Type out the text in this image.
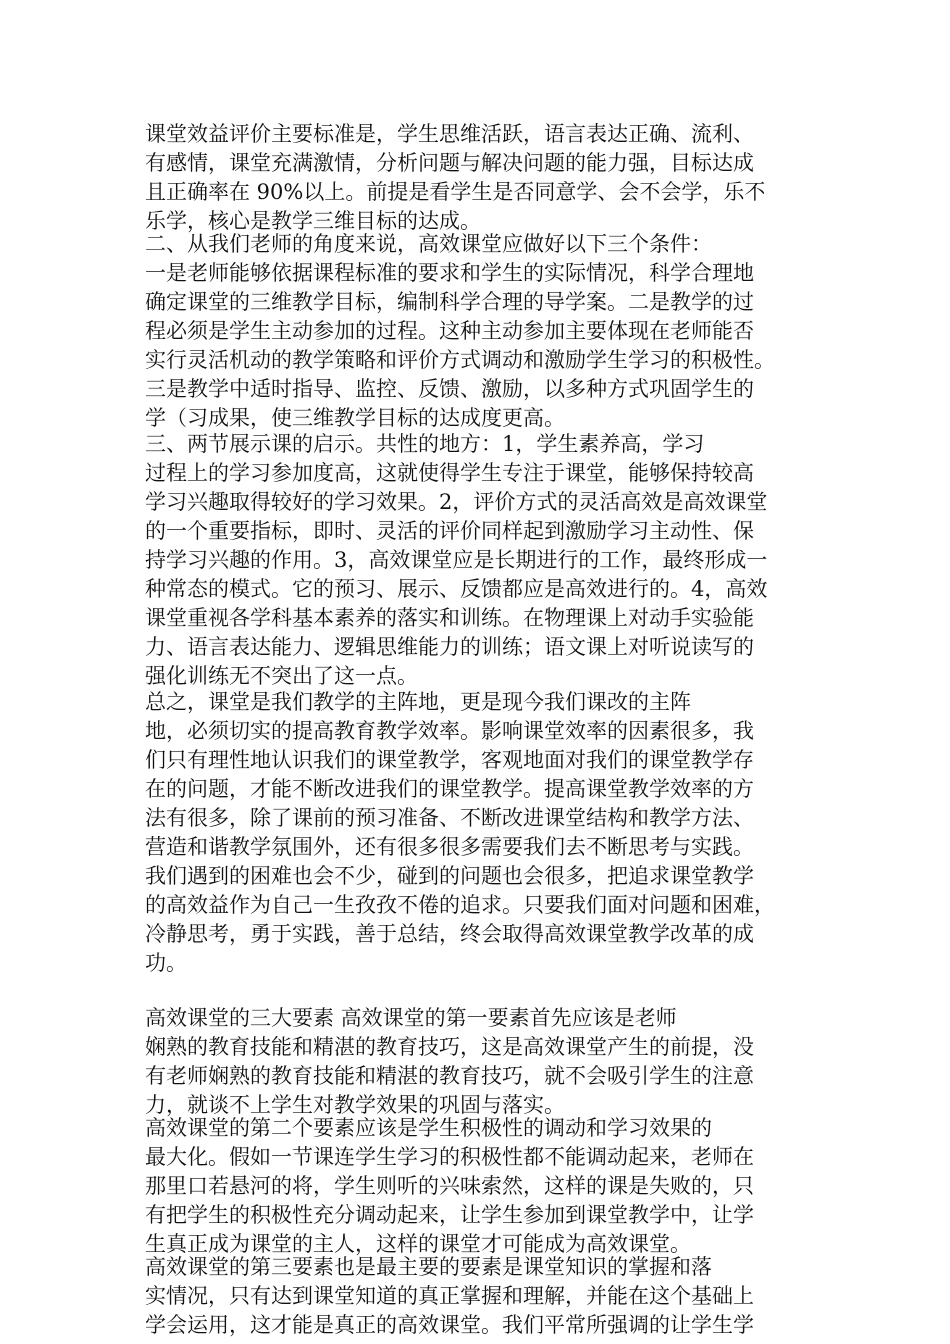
课堂效益评价主要标准是，学生思维活跃，语言表达正确、流利、

有感情，课堂充满激情，分析问题与解决问题的能力强，目标达成

且正确率在 90%以上。前提是看学生是否同意学、会不会学，乐不

乐学，核心是教学三维目标的达成。

二、从我们老师的角度来说，高效课堂应做好以下三个条件：

一是老师能够依据课程标准的要求和学生的实际情况，科学合理地

确定课堂的三维教学目标，编制科学合理的导学案。二是教学的过

程必须是学生主动参加的过程。这种主动参加主要体现在老师能否

实行灵活机动的教学策略和评价方式调动和激励学生学习的积极性。

三是教学中适时指导、监控、反馈、激励，以多种方式巩固学生的

学（习成果，使三维教学目标的达成度更高。

三、两节展示课的启示。共性的地方：1，学生素养高，学习

过程上的学习参加度高，这就使得学生专注于课堂，能够保持较高

学习兴趣取得较好的学习效果。2，评价方式的灵活高效是高效课堂

的一个重要指标，即时、灵活的评价同样起到激励学习主动性、保

持学习兴趣的作用。3，高效课堂应是长期进行的工作，最终形成一

种常态的模式。它的预习、展示、反馈都应是高效进行的。4，高效

课堂重视各学科基本素养的落实和训练。在物理课上对动手实验能

力、语言表达能力、逻辑思维能力的训练；语文课上对听说读写的

强化训练无不突出了这一点。

总之，课堂是我们教学的主阵地，更是现今我们课改的主阵

地，必须切实的提高教育教学效率。影响课堂效率的因素很多，我

们只有理性地认识我们的课堂教学，客观地面对我们的课堂教学存

在的问题，才能不断改进我们的课堂教学。提高课堂教学效率的方

法有很多，除了课前的预习准备、不断改进课堂结构和教学方法、

营造和谐教学氛围外，还有很多很多需要我们去不断思考与实践。

我们遇到的困难也会不少，碰到的问题也会很多，把追求课堂教学

的高效益作为自己一生孜孜不倦的追求。只要我们面对问题和困难，

冷静思考，勇于实践，善于总结，终会取得高效课堂教学改革的成

功。

高效课堂的三大要素 高效课堂的第一要素首先应该是老师

娴熟的教育技能和精湛的教育技巧，这是高效课堂产生的前提，没

有老师娴熟的教育技能和精湛的教育技巧，就不会吸引学生的注意

力，就谈不上学生对教学效果的巩固与落实。

高效课堂的第二个要素应该是学生积极性的调动和学习效果的

最大化。假如一节课连学生学习的积极性都不能调动起来，老师在

那里口若悬河的将，学生则听的兴味索然，这样的课是失败的，只

有把学生的积极性充分调动起来，让学生参加到课堂教学中，让学

生真正成为课堂的主人，这样的课堂才可能成为高效课堂。

高效课堂的第三要素也是最主要的要素是课堂知识的掌握和落

实情况，只有达到课堂知道的真正掌握和理解，并能在这个基础上

学会运用，这才能是真正的高效课堂。我们平常所强调的让学生学
